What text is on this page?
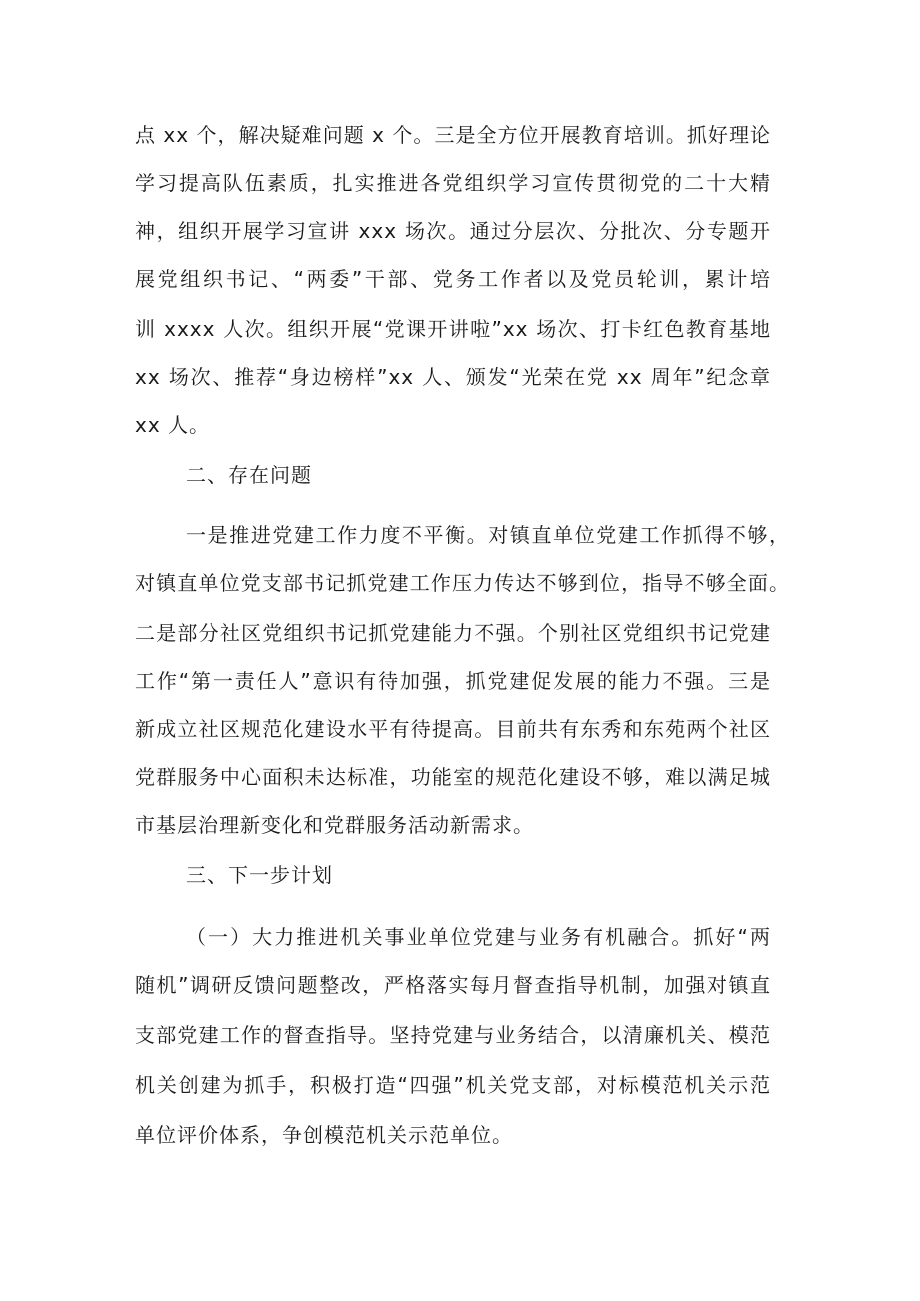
点 xx 个，解决疑难问题 x 个。三是全方位开展教育培训。抓好理论
学习提高队伍素质，扎实推进各党组织学习宣传贯彻党的二十大精
神，组织开展学习宣讲 xxx 场次。通过分层次、分批次、分专题开
展党组织书记、“两委”干部、党务工作者以及党员轮训，累计培
训 xxxx 人次。组织开展“党课开讲啦”xx 场次、打卡红色教育基地
xx 场次、推荐“身边榜样”xx 人、颁发“光荣在党 xx 周年”纪念章
xx 人。
二、存在问题
一是推进党建工作力度不平衡。对镇直单位党建工作抓得不够，
对镇直单位党支部书记抓党建工作压力传达不够到位，指导不够全面。
二是部分社区党组织书记抓党建能力不强。个别社区党组织书记党建
工作“第一责任人”意识有待加强，抓党建促发展的能力不强。三是
新成立社区规范化建设水平有待提高。目前共有东秀和东苑两个社区
党群服务中心面积未达标准，功能室的规范化建设不够，难以满足城
市基层治理新变化和党群服务活动新需求。
三、下一步计划
（一）大力推进机关事业单位党建与业务有机融合。抓好“两
随机”调研反馈问题整改，严格落实每月督查指导机制，加强对镇直
支部党建工作的督查指导。坚持党建与业务结合，以清廉机关、模范
机关创建为抓手，积极打造“四强”机关党支部，对标模范机关示范
单位评价体系，争创模范机关示范单位。
